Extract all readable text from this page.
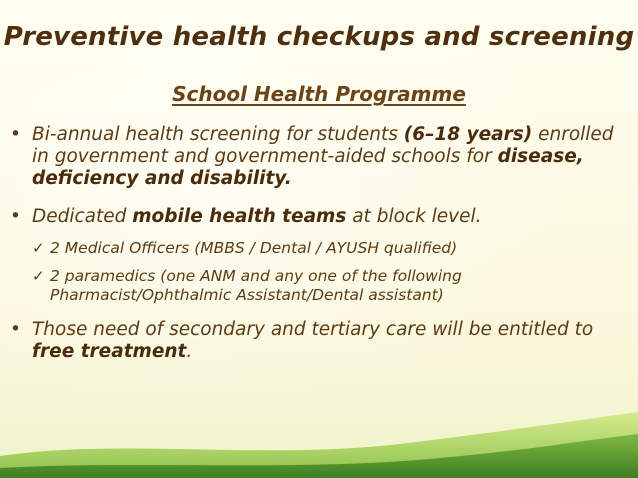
Preventive health checkups and screening
School Health Programme
• Bi-annual health screening for students (6–18 years) enrolled in government and government-aided schools for disease, deficiency and disability.
• Dedicated mobile health teams at block level.
✓ 2 Medical Officers (MBBS / Dental / AYUSH qualified)
✓ 2 paramedics (one ANM and any one of the following Pharmacist/Ophthalmic Assistant/Dental assistant)
• Those need of secondary and tertiary care will be entitled to free treatment.
